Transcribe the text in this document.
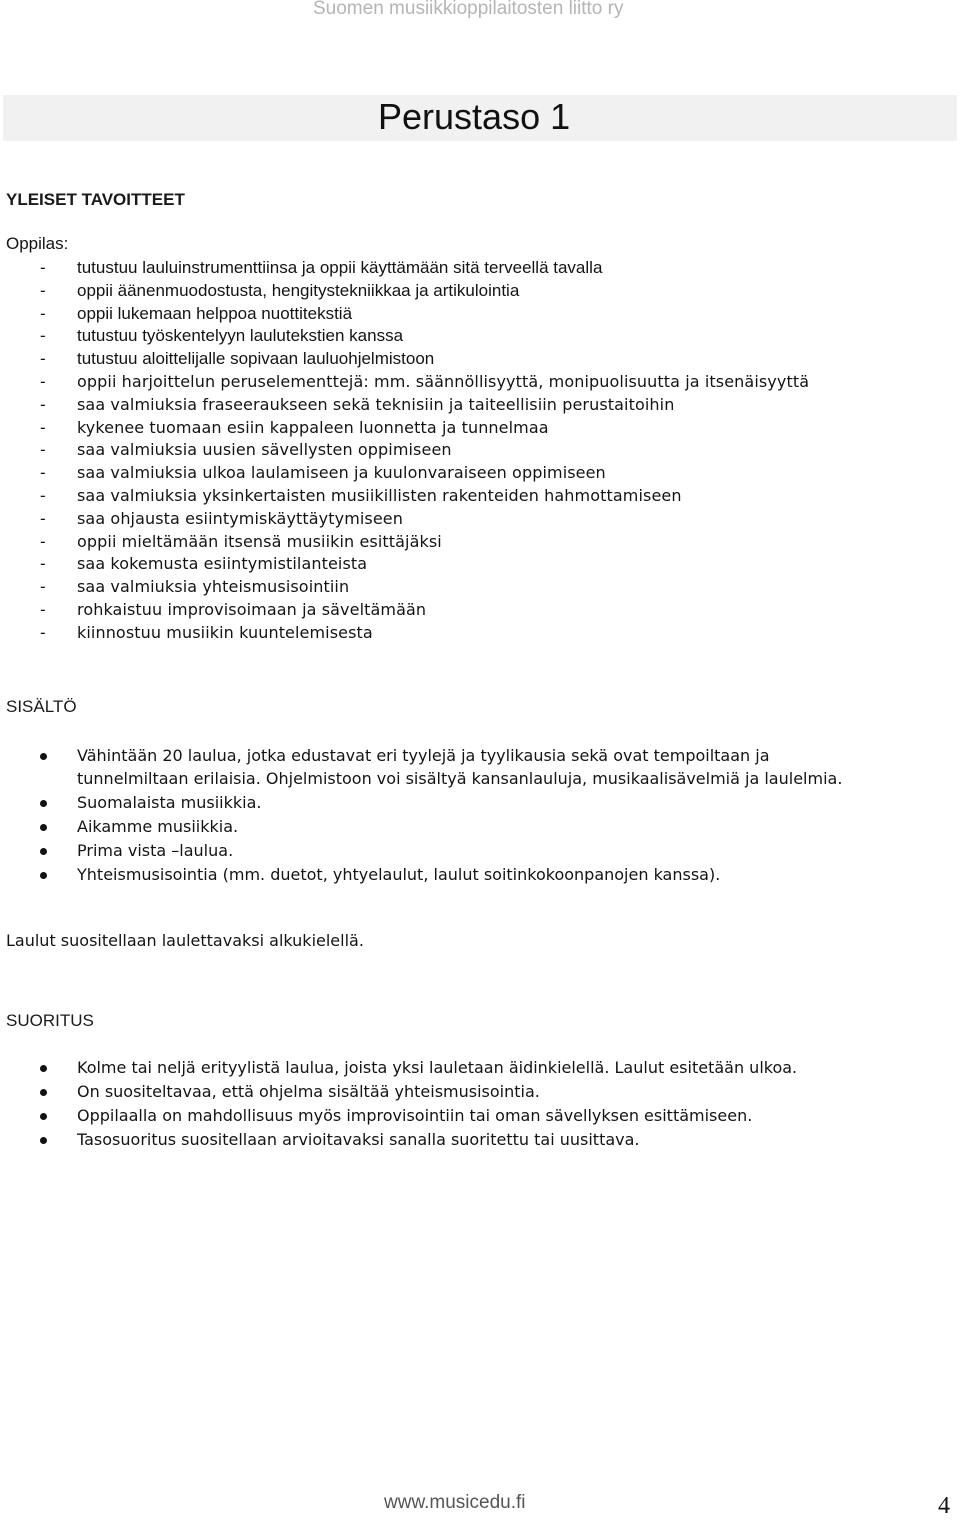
Suomen musiikkioppilaitosten liitto ry
Perustaso 1
YLEISET TAVOITTEET
Oppilas:
- tutustuu lauluinstrumenttiinsa ja oppii käyttämään sitä terveellä tavalla
- oppii äänenmuodostusta, hengitystekniikkaa ja artikulointia
- oppii lukemaan helppoa nuottitekstiä
- tutustuu työskentelyyn laulutekstien kanssa
- tutustuu aloittelijalle sopivaan lauluohjelmistoon
- oppii harjoittelun peruselementtejä: mm. säännöllisyyttä, monipuolisuutta ja itsenäisyyttä
- saa valmiuksia fraseeraukseen sekä teknisiin ja taiteellisiin perustaitoihin
- kykenee tuomaan esiin kappaleen luonnetta ja tunnelmaa
- saa valmiuksia uusien sävellysten oppimiseen
- saa valmiuksia ulkoa laulamiseen ja kuulonvaraiseen oppimiseen
- saa valmiuksia yksinkertaisten musiikillisten rakenteiden hahmottamiseen
- saa ohjausta esiintymiskäyttäytymiseen
- oppii mieltämään itsensä musiikin esittäjäksi
- saa kokemusta esiintymistilanteista
- saa valmiuksia yhteismusisointiin
- rohkaistuu improvisoimaan ja säveltämään
- kiinnostuu musiikin kuuntelemisesta
SISÄLTÖ
Vähintään 20 laulua, jotka edustavat eri tyylejä ja tyylikausia sekä ovat tempoiltaan ja
tunnelmiltaan erilaisia. Ohjelmistoon voi sisältyä kansanlauluja, musikaalisävelmiä ja laulelmia.
Suomalaista musiikkia.
Aikamme musiikkia.
Prima vista –laulua.
Yhteismusisointia (mm. duetot, yhtyelaulut, laulut soitinkokoonpanojen kanssa).
Laulut suositellaan laulettavaksi alkukielellä.
SUORITUS
Kolme tai neljä erityylistä laulua, joista yksi lauletaan äidinkielellä. Laulut esitetään ulkoa.
On suositeltavaa, että ohjelma sisältää yhteismusisointia.
Oppilaalla on mahdollisuus myös improvisointiin tai oman sävellyksen esittämiseen.
Tasosuoritus suositellaan arvioitavaksi sanalla suoritettu tai uusittava.
www.musicedu.fi	4
